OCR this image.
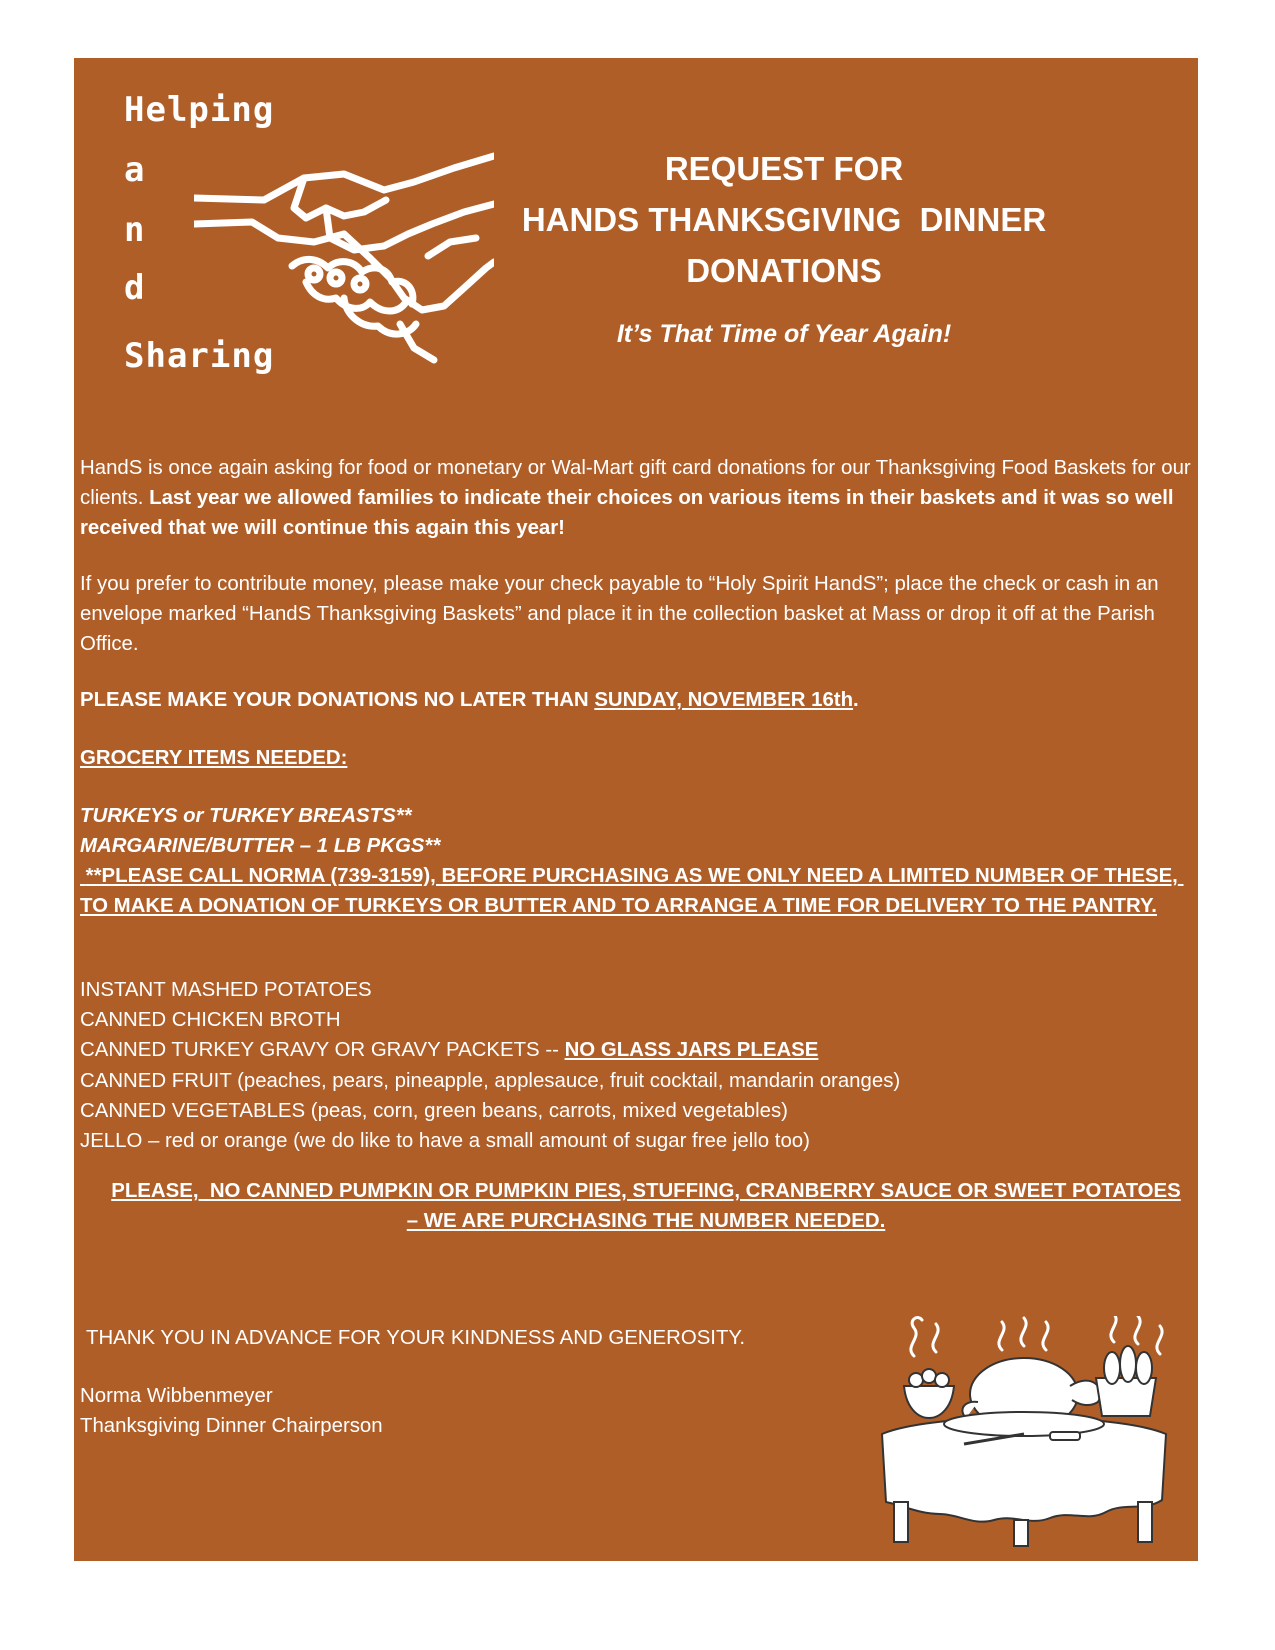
Helping
a
n
d
Sharing
REQUEST FOR
HANDS THANKSGIVING  DINNER
DONATIONS
It’s That Time of Year Again!
HandS is once again asking for food or monetary or Wal-Mart gift card donations for our Thanksgiving Food Baskets for our clients. Last year we allowed families to indicate their choices on various items in their baskets and it was so well received that we will continue this again this year!
If you prefer to contribute money, please make your check payable to “Holy Spirit HandS”; place the check or cash in an envelope marked “HandS Thanksgiving Baskets” and place it in the collection basket at Mass or drop it off at the Parish Office.
PLEASE MAKE YOUR DONATIONS NO LATER THAN SUNDAY, NOVEMBER 16th.
GROCERY ITEMS NEEDED:
TURKEYS or TURKEY BREASTS**
MARGARINE/BUTTER – 1 LB PKGS**
**PLEASE CALL NORMA (739-3159), BEFORE PURCHASING AS WE ONLY NEED A LIMITED NUMBER OF THESE, TO MAKE A DONATION OF TURKEYS OR BUTTER AND TO ARRANGE A TIME FOR DELIVERY TO THE PANTRY.
INSTANT MASHED POTATOES
CANNED CHICKEN BROTH
CANNED TURKEY GRAVY OR GRAVY PACKETS -- NO GLASS JARS PLEASE
CANNED FRUIT (peaches, pears, pineapple, applesauce, fruit cocktail, mandarin oranges)
CANNED VEGETABLES (peas, corn, green beans, carrots, mixed vegetables)
JELLO – red or orange (we do like to have a small amount of sugar free jello too)
PLEASE,  NO CANNED PUMPKIN OR PUMPKIN PIES, STUFFING, CRANBERRY SAUCE OR SWEET POTATOES
– WE ARE PURCHASING THE NUMBER NEEDED.
THANK YOU IN ADVANCE FOR YOUR KINDNESS AND GENEROSITY.
Norma Wibbenmeyer
Thanksgiving Dinner Chairperson
